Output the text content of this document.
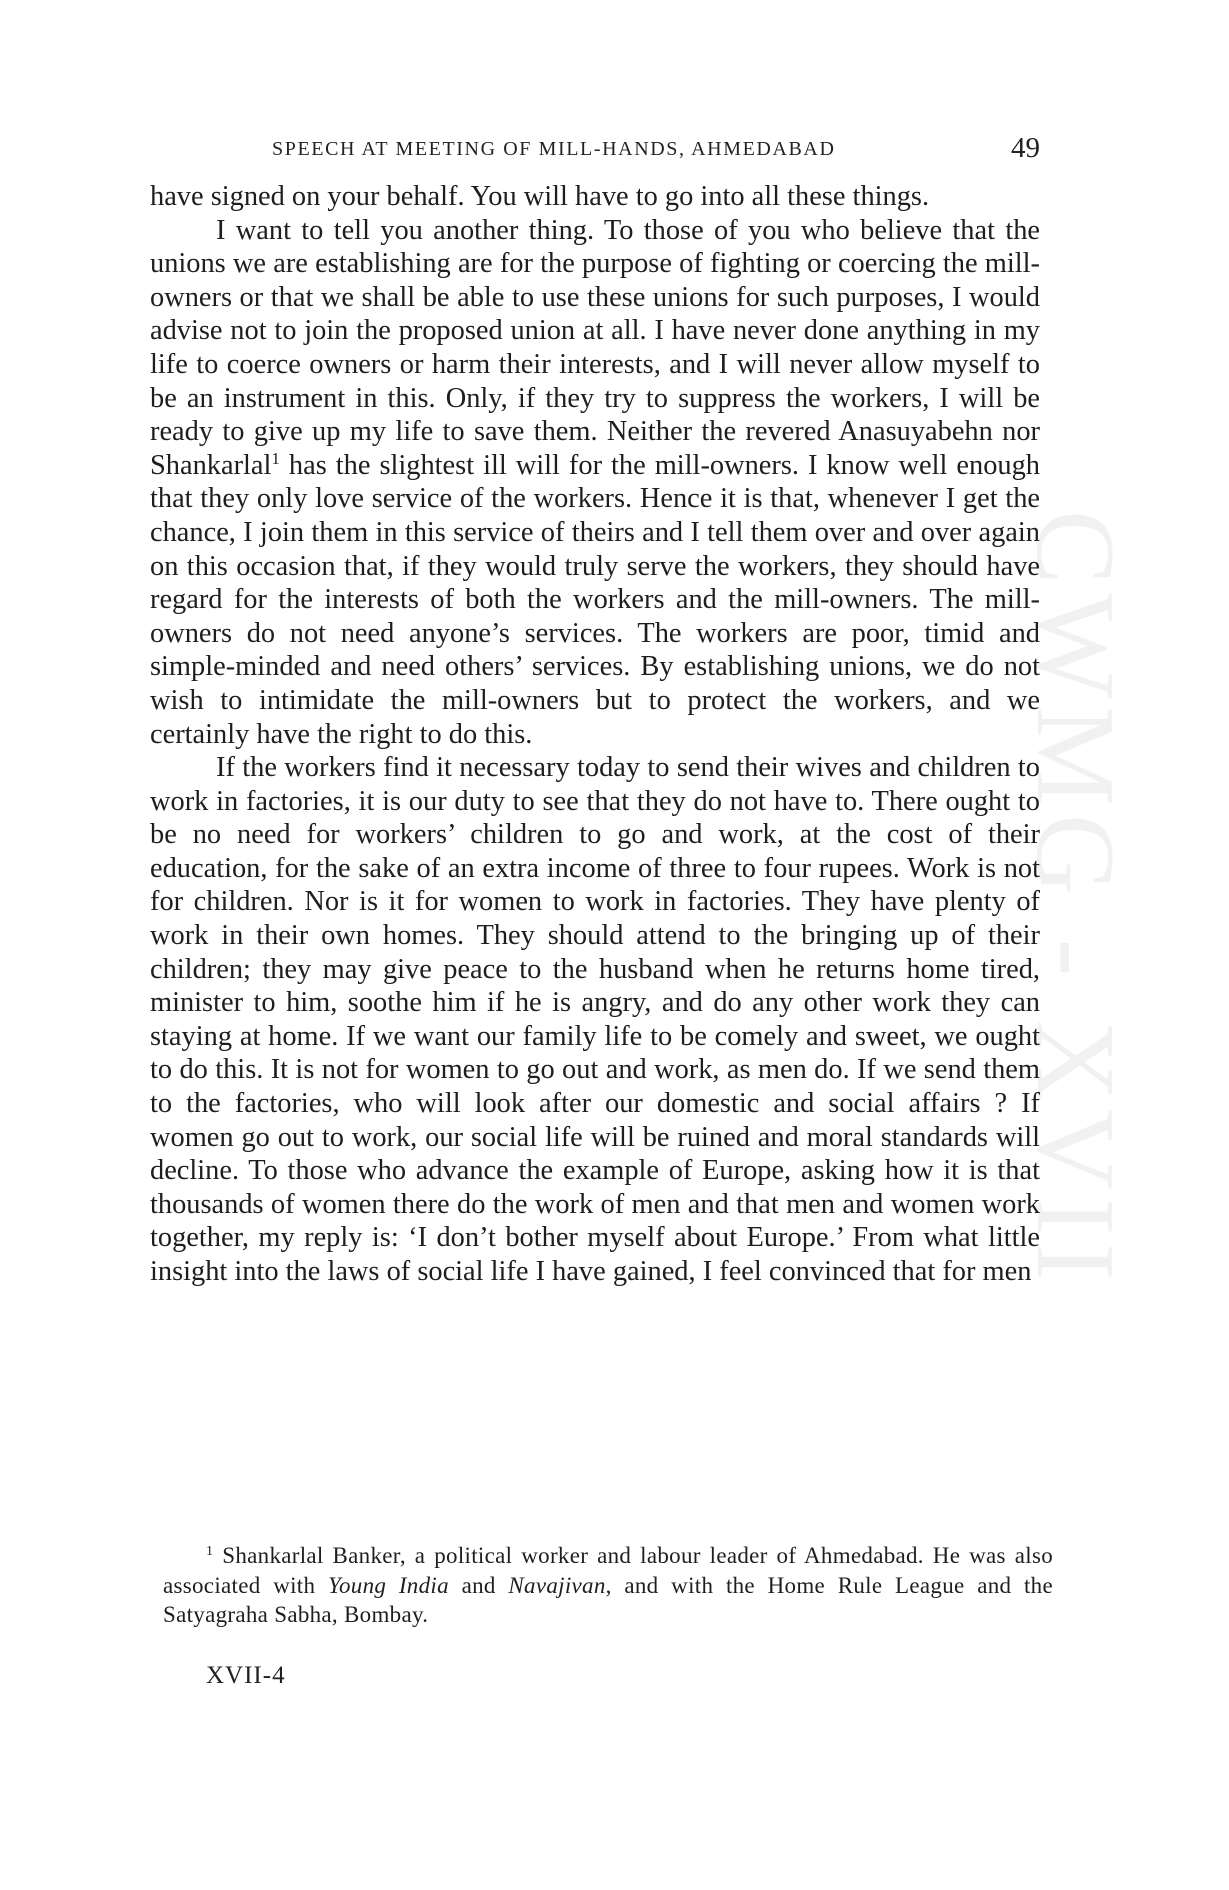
CWMG - XVII
SPEECH AT MEETING OF MILL-HANDS, AHMEDABAD	49

have signed on your behalf. You will have to go into all these things.

I want to tell you another thing. To those of you who believe that the unions we are establishing are for the purpose of fighting or coercing the mill-owners or that we shall be able to use these unions for such purposes, I would advise not to join the proposed union at all. I have never done anything in my life to coerce owners or harm their interests, and I will never allow myself to be an instrument in this. Only, if they try to suppress the workers, I will be ready to give up my life to save them. Neither the revered Anasuyabehn nor Shankarlal$^1$ has the slightest ill will for the mill-owners. I know well enough that they only love service of the workers. Hence it is that, whenever I get the chance, I join them in this service of theirs and I tell them over and over again on this occasion that, if they would truly serve the workers, they should have regard for the interests of both the workers and the mill-owners. The mill-owners do not need anyone’s services. The workers are poor, timid and simple-minded and need others’ services. By establishing unions, we do not wish to intimidate the mill-owners but to protect the workers, and we certainly have the right to do this.

If the workers find it necessary today to send their wives and children to work in factories, it is our duty to see that they do not have to. There ought to be no need for workers’ children to go and work, at the cost of their education, for the sake of an extra income of three to four rupees. Work is not for children. Nor is it for women to work in factories. They have plenty of work in their own homes. They should attend to the bringing up of their children; they may give peace to the husband when he returns home tired, minister to him, soothe him if he is angry, and do any other work they can staying at home. If we want our family life to be comely and sweet, we ought to do this. It is not for women to go out and work, as men do. If we send them to the factories, who will look after our domestic and social affairs ? If women go out to work, our social life will be ruined and moral standards will decline. To those who advance the example of Europe, asking how it is that thousands of women there do the work of men and that men and women work together, my reply is: ‘I don’t bother myself about Europe.’ From what little insight into the laws of social life I have gained, I feel convinced that for men

$^1$ Shankarlal Banker, a political worker and labour leader of Ahmedabad. He was also associated with Young India and Navajivan, and with the Home Rule League and the Satyagraha Sabha, Bombay.

XVII-4
